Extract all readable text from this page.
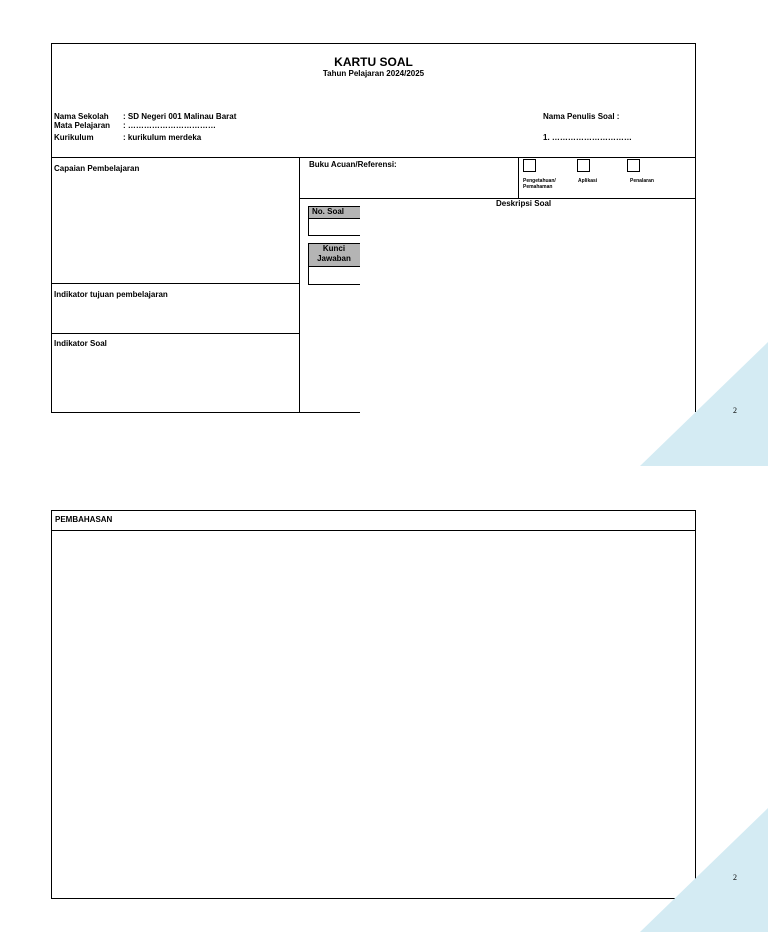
KARTU SOAL
Tahun Pelajaran 2024/2025
Nama Sekolah : SD Negeri 001 Malinau Barat
Mata Pelajaran : ……………………………
Kurikulum	: kurikulum merdeka
Nama Penulis Soal :
1. …………………………
Capaian Pembelajaran	Buku Acuan/Referensi:
Pengetahuan/ Pemahaman
Aplikasi	Penalaran
Deskripsi Soal
No. Soal
Kunci
Jawaban
Indikator tujuan pembelajaran
Indikator Soal
2
PEMBAHASAN
2
